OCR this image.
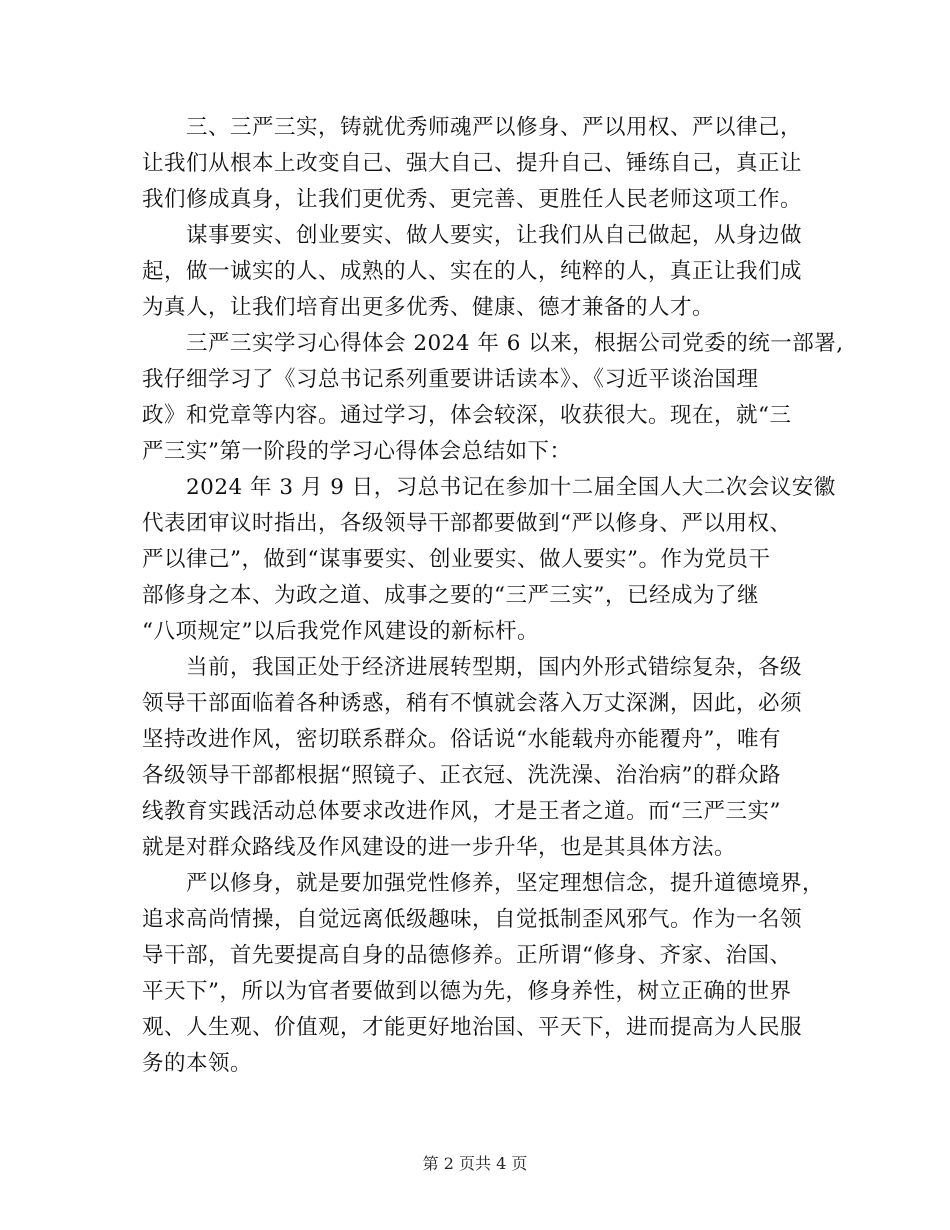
三、三严三实，铸就优秀师魂严以修身、严以用权、严以律己，
让我们从根本上改变自己、强大自己、提升自己、锤练自己，真正让
我们修成真身，让我们更优秀、更完善、更胜任人民老师这项工作。
谋事要实、创业要实、做人要实，让我们从自己做起，从身边做
起，做一诚实的人、成熟的人、实在的人，纯粹的人，真正让我们成
为真人，让我们培育出更多优秀、健康、德才兼备的人才。
三严三实学习心得体会 2024 年 6 以来，根据公司党委的统一部署,
我仔细学习了《习总书记系列重要讲话读本》、《习近平谈治国理
政》和党章等内容。通过学习，体会较深，收获很大。现在，就“三
严三实”第一阶段的学习心得体会总结如下：
2024 年 3 月 9 日，习总书记在参加十二届全国人大二次会议安徽
代表团审议时指出，各级领导干部都要做到“严以修身、严以用权、
严以律己”，做到“谋事要实、创业要实、做人要实”。作为党员干
部修身之本、为政之道、成事之要的“三严三实”，已经成为了继
“八项规定”以后我党作风建设的新标杆。
当前，我国正处于经济进展转型期，国内外形式错综复杂，各级
领导干部面临着各种诱惑，稍有不慎就会落入万丈深渊，因此，必须
坚持改进作风，密切联系群众。俗话说“水能载舟亦能覆舟”，唯有
各级领导干部都根据“照镜子、正衣冠、洗洗澡、治治病”的群众路
线教育实践活动总体要求改进作风，才是王者之道。而“三严三实”
就是对群众路线及作风建设的进一步升华，也是其具体方法。
严以修身，就是要加强党性修养，坚定理想信念，提升道德境界，
追求高尚情操，自觉远离低级趣味，自觉抵制歪风邪气。作为一名领
导干部，首先要提高自身的品德修养。正所谓“修身、齐家、治国、
平天下”，所以为官者要做到以德为先，修身养性，树立正确的世界
观、人生观、价值观，才能更好地治国、平天下，进而提高为人民服
务的本领。
第 2 页共 4 页
